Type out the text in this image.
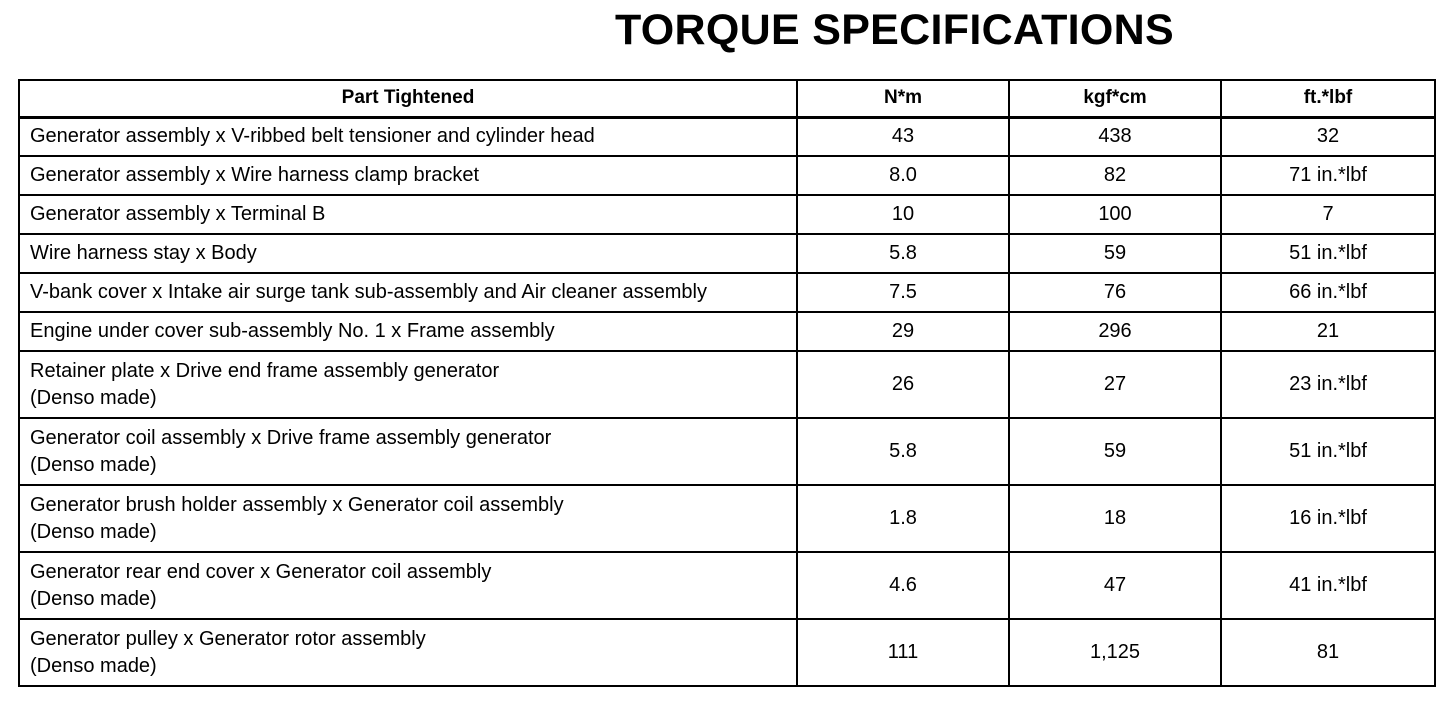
TORQUE SPECIFICATIONS
Part Tightened	N*m	kgf*cm	ft.*lbf

Generator assembly x V-ribbed belt tensioner and cylinder head	43	438	32

Generator assembly x Wire harness clamp bracket	8.0	82	71 in.*lbf

Generator assembly x Terminal B	10	100	7

Wire harness stay x Body	5.8	59	51 in.*lbf

V-bank cover x Intake air surge tank sub-assembly and Air cleaner assembly	7.5	76	66 in.*lbf

Engine under cover sub-assembly No. 1 x Frame assembly	29	296	21

Retainer plate x Drive end frame assembly generator
(Denso made)	26	27	23 in.*lbf

Generator coil assembly x Drive frame assembly generator
(Denso made)	5.8	59	51 in.*lbf

Generator brush holder assembly x Generator coil assembly
(Denso made)	1.8	18	16 in.*lbf

Generator rear end cover x Generator coil assembly
(Denso made)	4.6	47	41 in.*lbf

Generator pulley x Generator rotor assembly
(Denso made)	111	1,125	81
